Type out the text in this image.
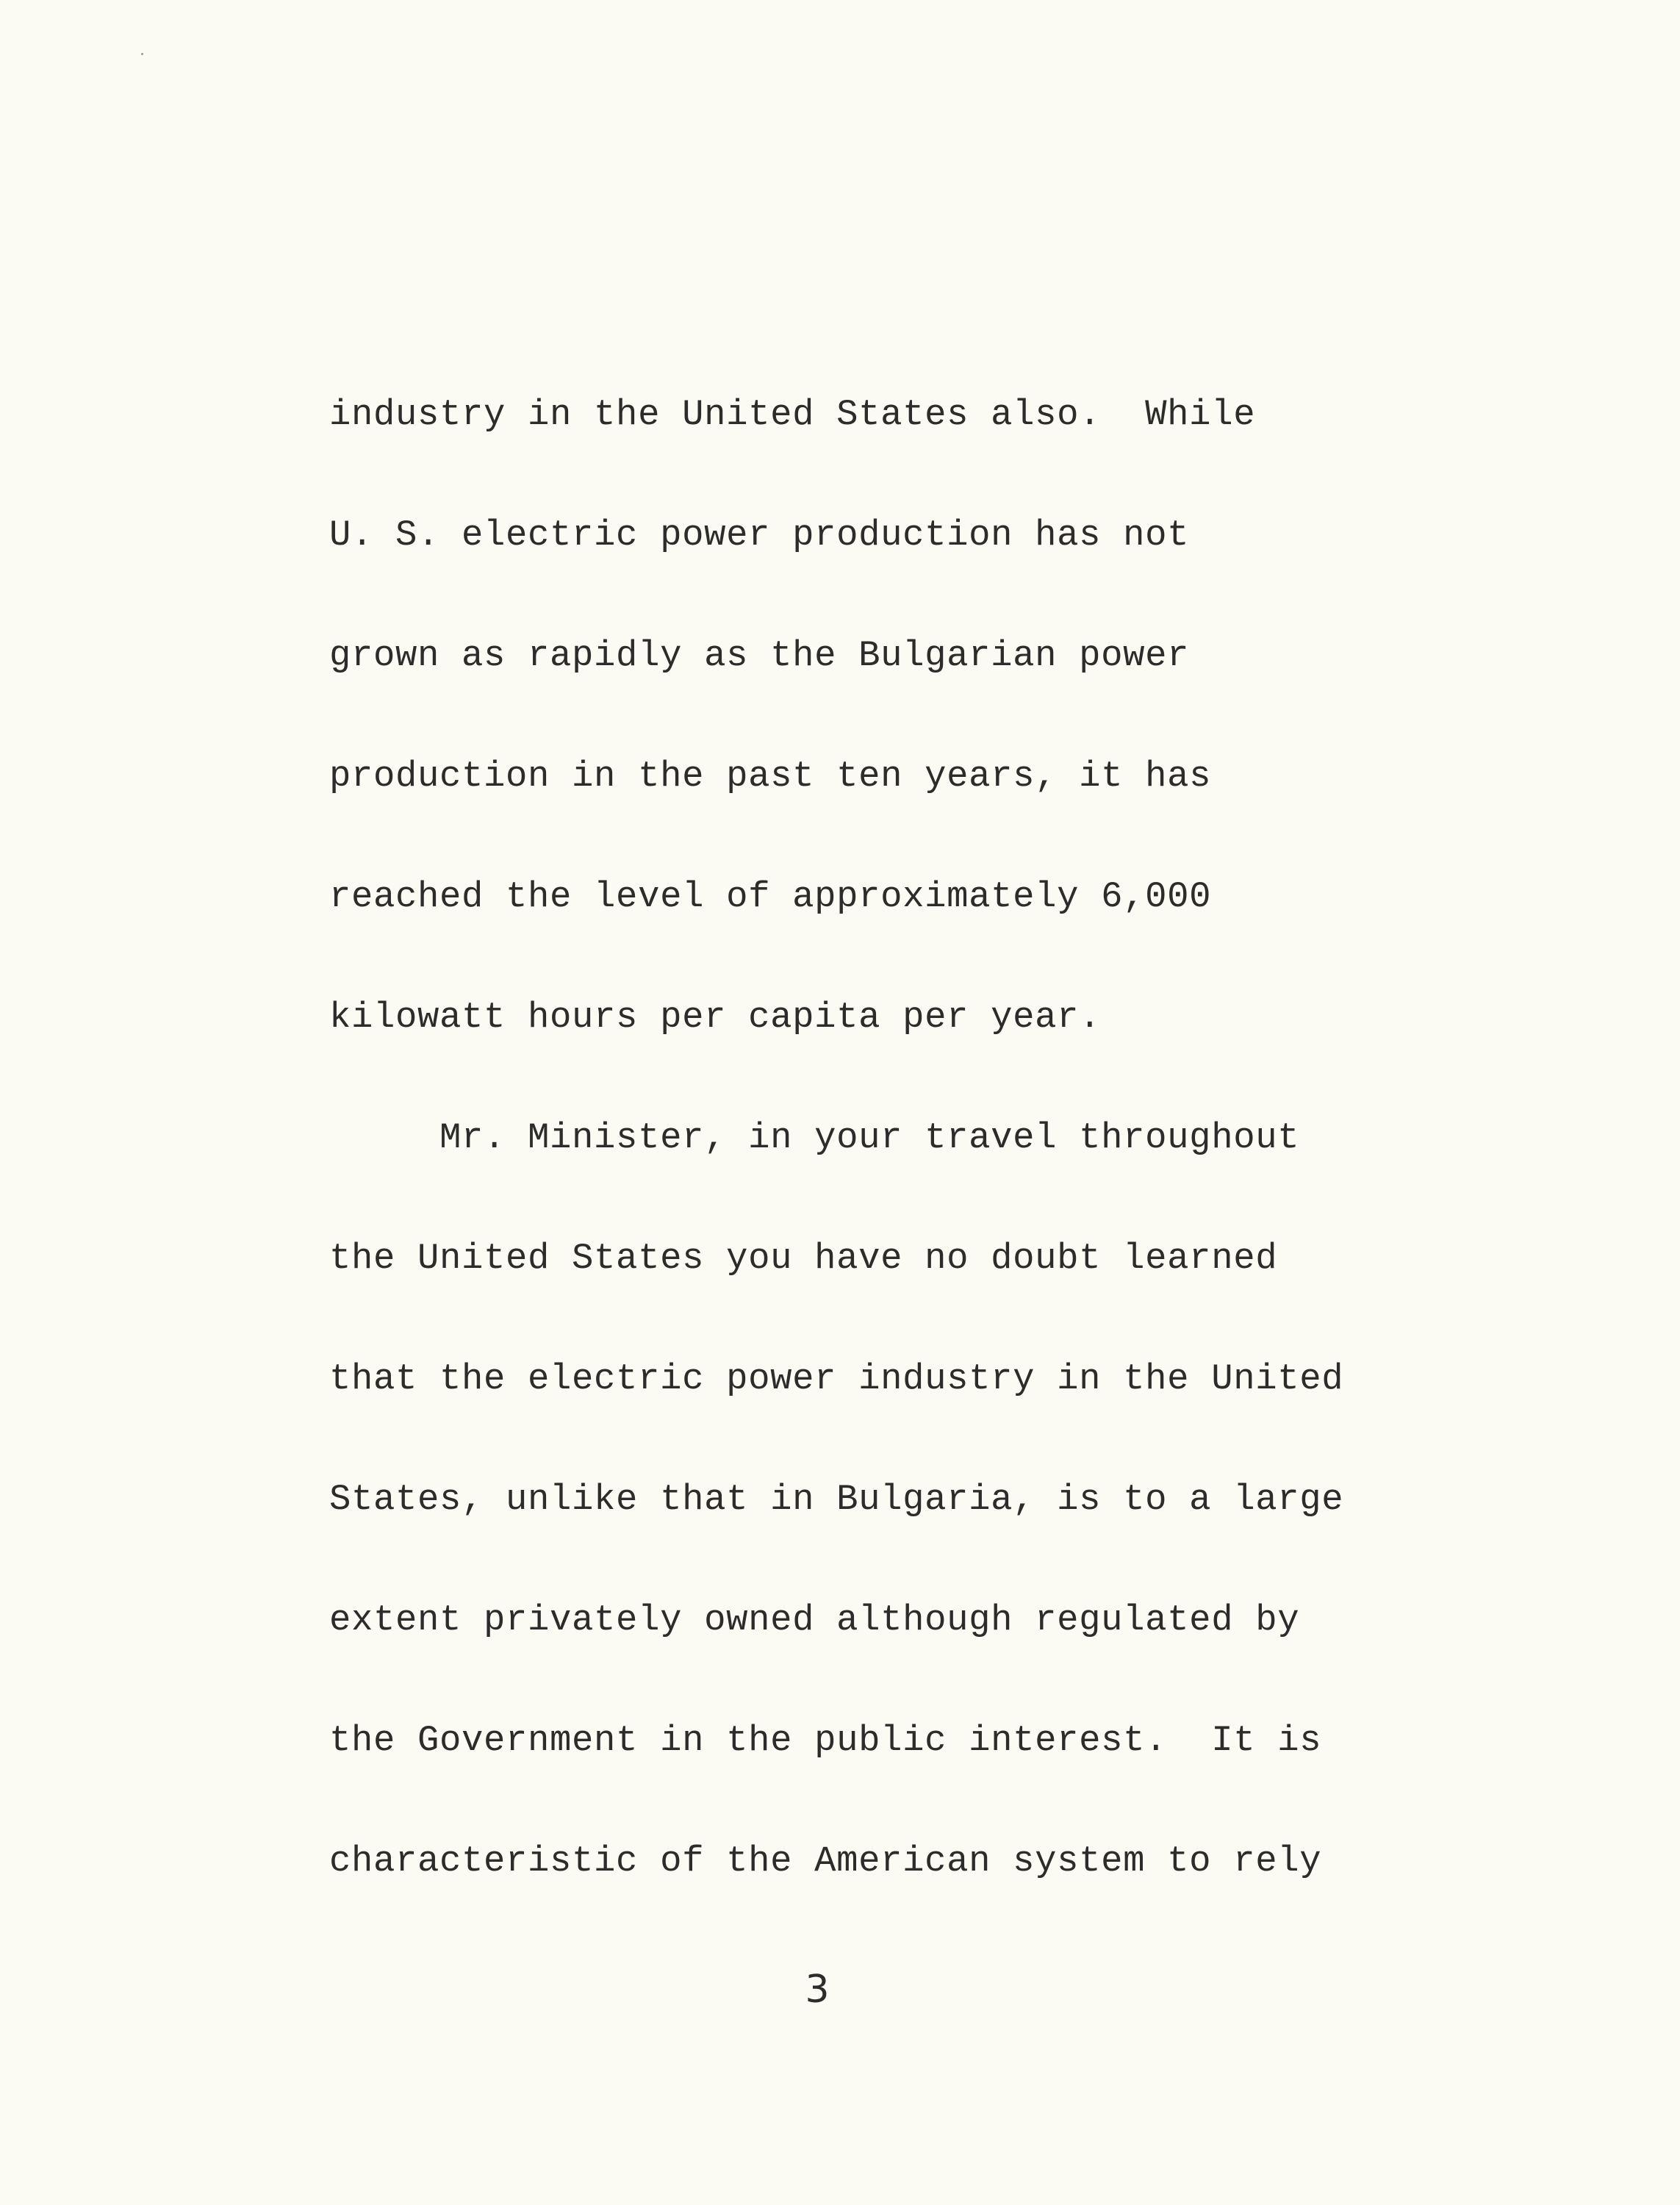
industry in the United States also.  While
U. S. electric power production has not
grown as rapidly as the Bulgarian power
production in the past ten years, it has
reached the level of approximately 6,000
kilowatt hours per capita per year.
Mr. Minister, in your travel throughout
the United States you have no doubt learned
that the electric power industry in the United
States, unlike that in Bulgaria, is to a large
extent privately owned although regulated by
the Government in the public interest.  It is
characteristic of the American system to rely
3
